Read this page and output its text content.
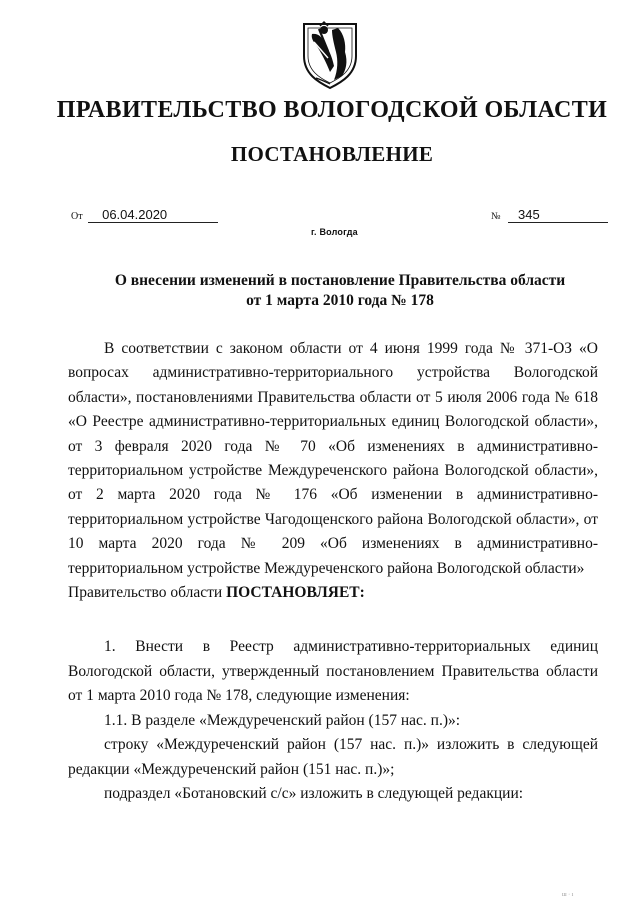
ПРАВИТЕЛЬСТВО ВОЛОГОДСКОЙ ОБЛАСТИ
ПОСТАНОВЛЕНИЕ
От 06.04.2020	№ 345
г. Вологда
О внесении изменений в постановление Правительства области
от 1 марта 2010 года № 178

В соответствии с законом области от 4 июня 1999 года № 371-ОЗ «О вопросах административно-территориального устройства Вологодской области», постановлениями Правительства области от 5 июля 2006 года № 618 «О Реестре административно-территориальных единиц Вологодской области», от 3 февраля 2020 года № 70 «Об изменениях в административно-территориальном устройстве Междуреченского района Вологодской области», от 2 марта 2020 года № 176 «Об изменении в административно-территориальном устройстве Чагодощенского района Вологодской области», от 10 марта 2020 года № 209 «Об изменениях в административно-территориальном устройстве Междуреченского района Вологодской области»

Правительство области ПОСТАНОВЛЯЕТ:

1. Внести в Реестр административно-территориальных единиц Вологодской области, утвержденный постановлением Правительства области от 1 марта 2010 года № 178, следующие изменения:

1.1. В разделе «Междуреченский район (157 нас. п.)»:

строку «Междуреченский район (157 нас. п.)» изложить в следующей редакции «Междуреченский район (151 нас. п.)»;

подраздел «Ботановский с/с» изложить в следующей редакции:

ш · ı
